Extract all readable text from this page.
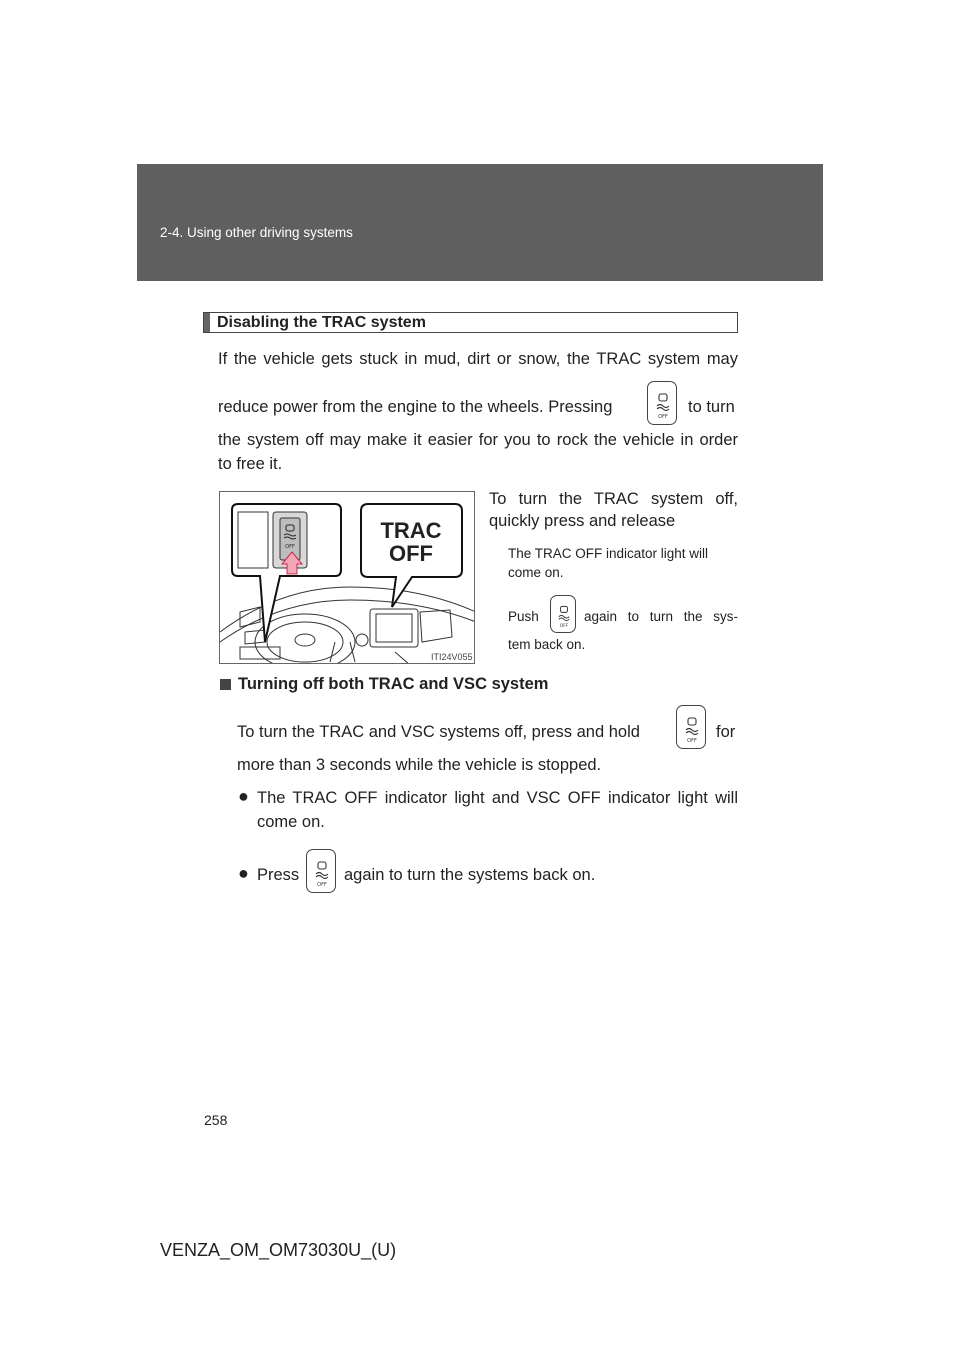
2-4. Using other driving systems
Disabling the TRAC system
If the vehicle gets stuck in mud, dirt or snow, the TRAC system may
reduce power from the engine to the wheels. Pressing
OFF
to turn
the system off may make it easier for you to rock the vehicle in order
to free it.
OFF
TRAC
OFF
ITI24V055
To turn the TRAC system off,
quickly press and release
The TRAC OFF indicator light will
come on.
Push
OFF
again to turn the sys-
tem back on.
Turning off both TRAC and VSC system
To turn the TRAC and VSC systems off, press and hold	OFF for
more than 3 seconds while the vehicle is stopped.
● The TRAC OFF indicator light and VSC OFF indicator light will
come on.
● Press
OFF
again to turn the systems back on.
258
VENZA_OM_OM73030U_(U)
